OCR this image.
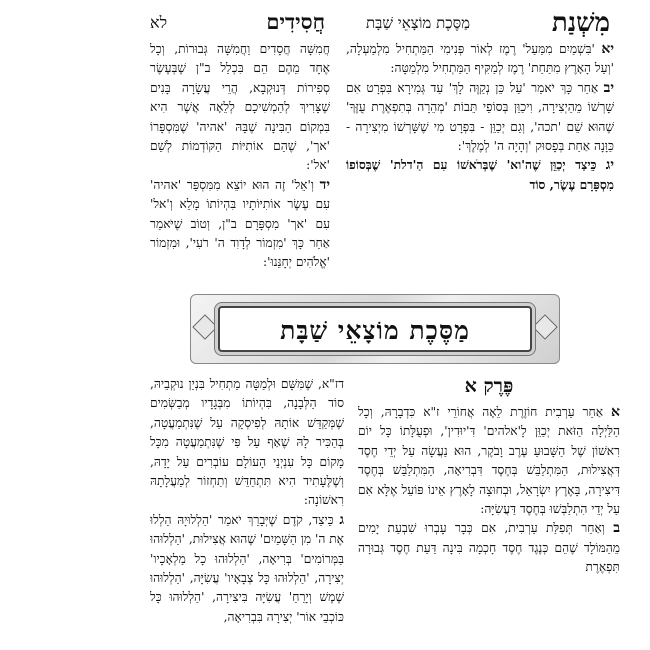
מִשְׁנַת
מַסֶּכֶת מוֹצָאֵי שַׁבָּת
חֲסִידִים
לא

יא 'בִּשְׁמַיִם מִמַּעַל' רֶמֶז לְאוֹר פְּנִימִי הַמַּתְחִיל מִלְמַעְלָה, 'וְעַל הָאָרֶץ מִתַּחַת' רֶמֶז לְמַקִּיף הַמַּתְחִיל מִלְמַטָּה:

יב אַחַר כָּךְ יֹאמַר 'עַל כֵּן נְקַוֶּה לָךְ' עַד גְּמִירָא בִּפְרָט אִם שָׁרְשׁוֹ מֵהַיְצִירָה, וִיכַוֵּן בְּסוֹפֵי תֵּבוֹת 'מְהֵרָה בְּתִפְאֶרֶת עֻזֶּךָ' שֶׁהוּא שֵׁם 'תכה', וְגַם יְכַוֵּן - בִּפְרָט מִי שֶׁשָּׁרְשׁוֹ מִיְצִירָה - כַּוָּנָה אַחַת בְּפָסוּק 'וְהָיָה ה' לְמֶלֶךְ':

יג כֵּיצַד יְכַוֵּן שֶׁה'וא' שֶׁבְּרֹאשׁוֹ עִם הַ'דלת' שֶׁבְּסוֹפוֹ מִסְפָּרָם עֶשֶׂר, סוֹד

חֲמִשָּׁה חֲסָדִים וַחֲמִשָּׁה גְּבוּרוֹת, וְכָל אֶחָד מֵהֶם הֵם בִּכְלַל ב"ן שֶׁבְּעֶשֶׂר סְפִירוֹת דְּנוּקְבָא, הֲרֵי עֲשָׂרָה בָּנִים שֶׁצָּרִיךְ לְהַמְשִׁיכָם לְלֵאָה אֲשֶׁר הִיא בִּמְקוֹם הַבִּינָה שֶׁבָּהּ 'אהיה' שֶׁמִּסְפָּרוֹ 'אך', שֶׁהֵם אוֹתִיּוֹת הַקּוֹדְמוֹת לְשֵׁם 'אל':

יד וְ'אֵל' זֶה הוּא יוֹצֵא מִמִּסְפַּר 'אהיה' עִם עֶשֶׂר אוֹתִיּוֹתָיו בִּהְיוֹתוֹ מָלֵא וְ'אל' עִם 'אך' מִסְפָּרָם ב"ן, וְטוֹב שֶׁיֹּאמַר אַחַר כָּךְ 'מִזְמוֹר לְדָוִד ה' רֹעִי', וּמִזְמוֹר 'אֱלֹהִים יְחָנֵּנוּ':

מַסֶּכֶת מוֹצָאֵי שַׁבָּת

פֶּרֶק א

א אַחַר עַרְבִית חוֹזֶרֶת לֵאָה אֲחוֹרֵי ז"א כִּדְבָרָהּ, וְכָל הַלַּיְלָה הַזֹּאת יְכַוֵּן לָ'אלהים' דִּ'יוּדִין', וּפְעֻלָּתוֹ כָּל יוֹם רִאשׁוֹן שֶׁל הַשָּׁבוּעַ עֶרֶב וָבֹקֶר, הוּא נַעֲשָׂה עַל יְדֵי חֶסֶד דְּאֲצִילוּת, הַמִּתְלַבֵּשׁ בְּחֶסֶד דִּבְרִיאָה, הַמִּתְלַבֵּשׁ בְּחֶסֶד דִּיצִירָה, בָּאֶרֶץ יִשְׂרָאֵל, וּבְחוּצָה לָאָרֶץ אֵינוֹ פּוֹעֵל אֶלָּא אִם עַל יְדֵי הִתְלַבְּשׁוּ בְּחֶסֶד דַּעֲשִׂיָּה:

ב וְאַחַר תְּפִלַּת עַרְבִית, אִם כְּבָר עָבְרוּ שִׁבְעַת יָמִים מֵהַמּוֹלָד שֶׁהֵם כְּנֶגֶד חֶסֶד חָכְמָה בִּינָה דַּעַת חֶסֶד גְּבוּרָה תִּפְאֶרֶת

דז"א, שֶׁמִּשָּׁם וּלְמַטָּה מַתְחִיל בִּנְיַן נוּקְבֵיהּ, סוֹד הַלְּבָנָה, בִּהְיוֹתוֹ מִבְּגָדָיו מְבַשְּׂמִים שֶׁמְּקַדֵּשׁ אוֹתָהּ לְפִיסְקָה עַל שֶׁנִּתְמַעֲטָה, בְּהַכִּיר לָהּ שֶׁאַף עַל פִּי שֶׁנִּתְמַעֲטָה מִכָּל מָקוֹם כָּל עִנְיְנֵי הָעוֹלָם עוֹבְרִים עַל יָדָהּ, וְשֶׁלֶּעָתִיד הִיא תִּתְחַדֵּשׁ וְתַחְזוֹר לְמַעֲלָתָהּ רִאשׁוֹנָה:

ג כֵּיצַד, קֹדֶם שֶׁיְּבָרֵךְ יֹאמַר 'הַלְלוּיָהּ הַלְלוּ אֶת ה' מִן הַשָּׁמַיִם' שֶׁהוּא אֲצִילוּת, 'הַלְלוּהוּ בַּמְּרוֹמִים' בְּרִיאָה, 'הַלְלוּהוּ כָל מַלְאָכָיו' יְצִירָה, 'הַלְלוּהוּ כָּל צְבָאָיו' עֲשִׂיָּה, 'הַלְלוּהוּ שֶׁמֶשׁ וְיָרֵחַ' עֲשִׂיָּה בִּיצִירָה, 'הַלְלוּהוּ כָּל כּוֹכְבֵי אוֹר' יְצִירָה בִּבְרִיאָה,
